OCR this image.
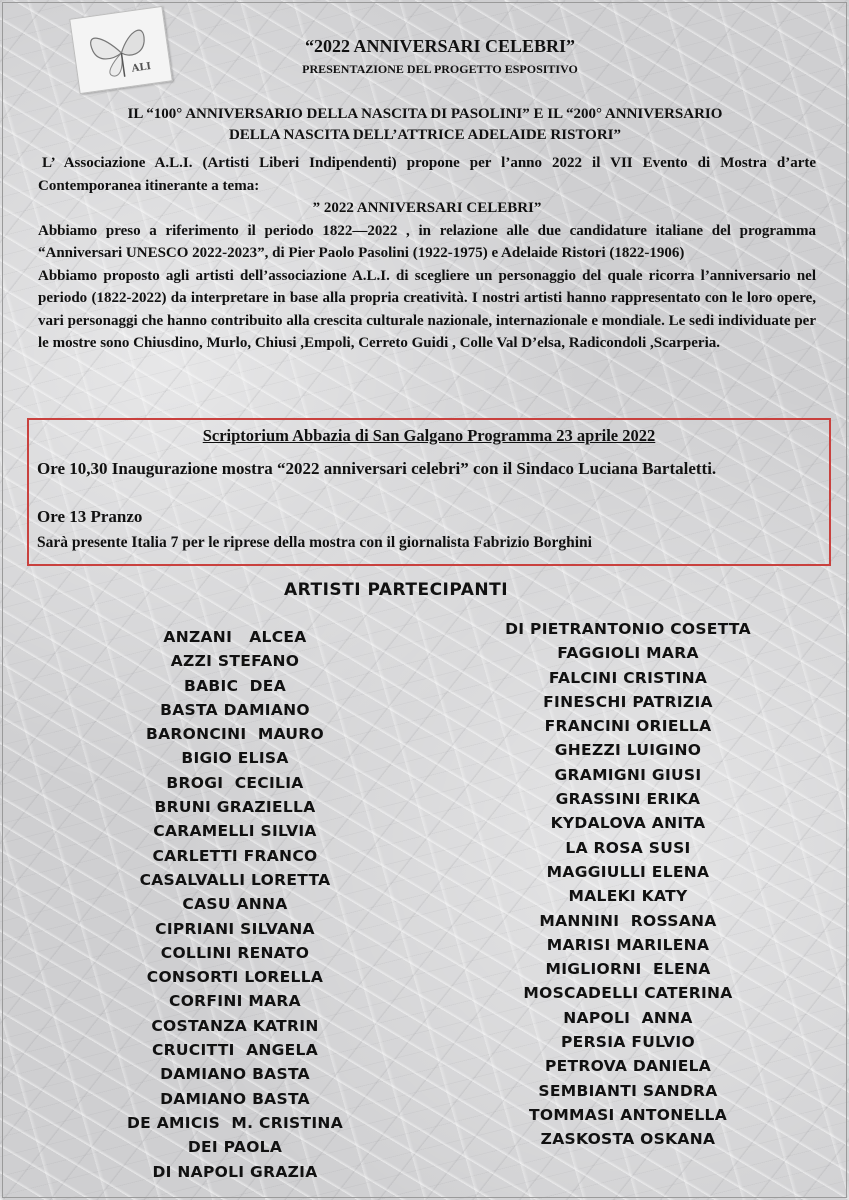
ALI
“2022 ANNIVERSARI CELEBRI”
PRESENTAZIONE DEL PROGETTO ESPOSITIVO
IL “100° ANNIVERSARIO DELLA NASCITA DI PASOLINI” E IL “200° ANNIVERSARIO
DELLA NASCITA DELL’ATTRICE ADELAIDE RISTORI”

L’ Associazione A.L.I. (Artisti Liberi Indipendenti) propone per l’anno 2022 il VII Evento di Mostra d’arte Contemporanea itinerante a tema:

” 2022 ANNIVERSARI CELEBRI”

Abbiamo preso a riferimento il periodo 1822—2022 , in relazione alle due candidature italiane del programma “Anniversari UNESCO 2022-2023”, di Pier Paolo Pasolini (1922-1975) e Adelaide Ristori (1822-1906)

Abbiamo proposto agli artisti dell’associazione A.L.I. di scegliere un personaggio del quale ricorra l’anniversario nel periodo (1822-2022) da interpretare in base alla propria creatività. I nostri artisti hanno rappresentato con le loro opere, vari personaggi che hanno contribuito alla crescita culturale nazionale, internazionale e mondiale. Le sedi individuate per le mostre sono Chiusdino, Murlo, Chiusi ,Empoli, Cerreto Guidi , Colle Val D’elsa, Radicondoli ,Scarperia.

Scriptorium Abbazia di San Galgano Programma 23 aprile 2022

Ore 10,30 Inaugurazione mostra “2022 anniversari celebri” con il Sindaco Luciana Bartaletti.

Ore 13 Pranzo

Sarà presente Italia 7 per le riprese della mostra con il giornalista Fabrizio Borghini

ARTISTI PARTECIPANTI
ANZANI   ALCEA
AZZI STEFANO
BABIC  DEA
BASTA DAMIANO
BARONCINI  MAURO
BIGIO ELISA
BROGI  CECILIA
BRUNI GRAZIELLA
CARAMELLI SILVIA
CARLETTI FRANCO
CASALVALLI LORETTA
CASU ANNA
CIPRIANI SILVANA
COLLINI RENATO
CONSORTI LORELLA
CORFINI MARA
COSTANZA KATRIN
CRUCITTI  ANGELA
DAMIANO BASTA
DAMIANO BASTA
DE AMICIS  M. CRISTINA
DEI PAOLA
DI NAPOLI GRAZIA
DI PIETRANTONIO COSETTA
FAGGIOLI MARA
FALCINI CRISTINA
FINESCHI PATRIZIA
FRANCINI ORIELLA
GHEZZI LUIGINO
GRAMIGNI GIUSI
GRASSINI ERIKA
KYDALOVA ANITA
LA ROSA SUSI
MAGGIULLI ELENA
MALEKI KATY
MANNINI  ROSSANA
MARISI MARILENA
MIGLIORNI  ELENA
MOSCADELLI CATERINA
NAPOLI  ANNA
PERSIA FULVIO
PETROVA DANIELA
SEMBIANTI SANDRA
TOMMASI ANTONELLA
ZASKOSTA OSKANA
